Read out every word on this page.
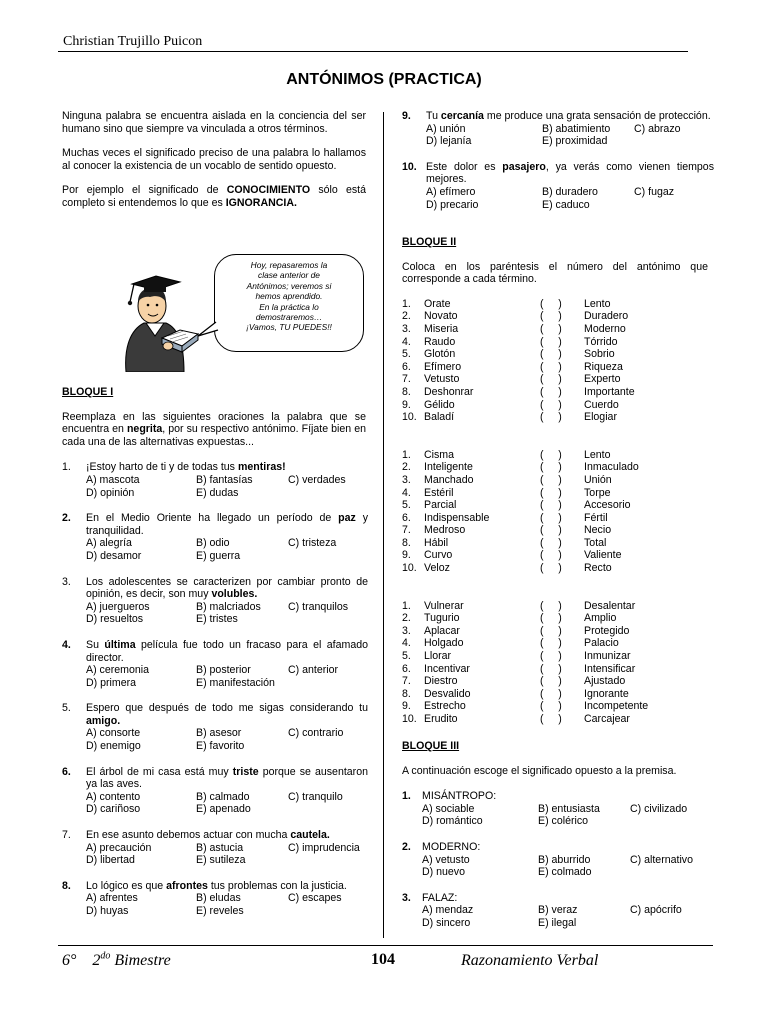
Christian Trujillo Puicon
ANTÓNIMOS (PRACTICA)

Ninguna palabra se encuentra aislada en la conciencia del ser humano sino que siempre va vinculada a otros términos.

Muchas veces el significado preciso de una palabra lo hallamos al conocer la existencia de un vocablo de sentido opuesto.

Por ejemplo el significado de CONOCIMIENTO sólo está completo si entendemos lo que es IGNORANCIA.

Hoy, repasaremos la
clase anterior de
Antónimos; veremos si
hemos aprendido.
En la práctica lo
demostraremos…
¡Vamos, TU PUEDES!!
BLOQUE I

Reemplaza en las siguientes oraciones la palabra que se encuentra en negrita, por su respectivo antónimo. Fíjate bien en cada una de las alternativas expuestas...

1.	¡Estoy harto de ti y de todas tus mentiras!
A) mascota	B) fantasías	C) verdades
D) opinión	E) dudas
2.	En el Medio Oriente ha llegado un período de paz y tranquilidad.
A) alegría	B) odio	C) tristeza
D) desamor	E) guerra
3.	Los adolescentes se caracterizen por cambiar pronto de opinión, es decir, son muy volubles.
A) juergueros	B) malcriados	C) tranquilos
D) resueltos	E) tristes
4.	Su última película fue todo un fracaso para el afamado director.
A) ceremonia	B) posterior	C) anterior
D) primera	E) manifestación
5.	Espero que después de todo me sigas considerando tu amigo.
A) consorte	B) asesor	C) contrario
D) enemigo	E) favorito
6.	El árbol de mi casa está muy triste porque se ausentaron ya las aves.
A) contento	B) calmado	C) tranquilo
D) cariñoso	E) apenado
7.	En ese asunto debemos actuar con mucha cautela.
A) precaución	B) astucia	C) imprudencia
D) libertad	E) sutileza
8.	Lo lógico es que afrontes tus problemas con la justicia.
A) afrentes	B) eludas	C) escapes
D) huyas	E) reveles
9.	Tu cercanía me produce una grata sensación de protección.
A) unión	B) abatimiento	C) abrazo
D) lejanía	E) proximidad
10. Este dolor es pasajero, ya verás como vienen tiempos mejores.
A) efímero	B) duradero	C) fugaz
D) precario	E) caduco
BLOQUE II

Coloca en los paréntesis el número del antónimo que corresponde a cada término.

1.	Orate	(     )	Lento
2.	Novato	(     )	Duradero
3.	Miseria	(     )	Moderno
4.	Raudo	(     )	Tórrido
5.	Glotón	(     )	Sobrio
6.	Efímero	(     )	Riqueza
7.	Vetusto	(     )	Experto
8.	Deshonrar	(     )	Importante
9.	Gélido	(     )	Cuerdo
10. Baladí	(     )	Elogiar
1.	Cisma	(     )	Lento
2.	Inteligente	(     )	Inmaculado
3.	Manchado	(     )	Unión
4.	Estéril	(     )	Torpe
5.	Parcial	(     )	Accesorio
6.	Indispensable	(     )	Fértil
7.	Medroso	(     )	Necio
8.	Hábil	(     )	Total
9.	Curvo	(     )	Valiente
10. Veloz	(     )	Recto
1.	Vulnerar	(     )	Desalentar
2.	Tugurio	(     )	Amplio
3.	Aplacar	(     )	Protegido
4.	Holgado	(     )	Palacio
5.	Llorar	(     )	Inmunizar
6.	Incentivar	(     )	Intensificar
7.	Diestro	(     )	Ajustado
8.	Desvalido	(     )	Ignorante
9.	Estrecho	(     )	Incompetente
10. Erudito	(     )	Carcajear
BLOQUE III

A continuación escoge el significado opuesto a la premisa.

1.	MISÁNTROPO:
A) sociable	B) entusiasta	C) civilizado
D) romántico	E) colérico
2.	MODERNO:
A) vetusto	B) aburrido	C) alternativo
D) nuevo	E) colmado
3.	FALAZ:
A) mendaz	B) veraz	C) apócrifo
D) sincero	E) ilegal
6° $2^{do}$ Bimestre	104	Razonamiento Verbal
